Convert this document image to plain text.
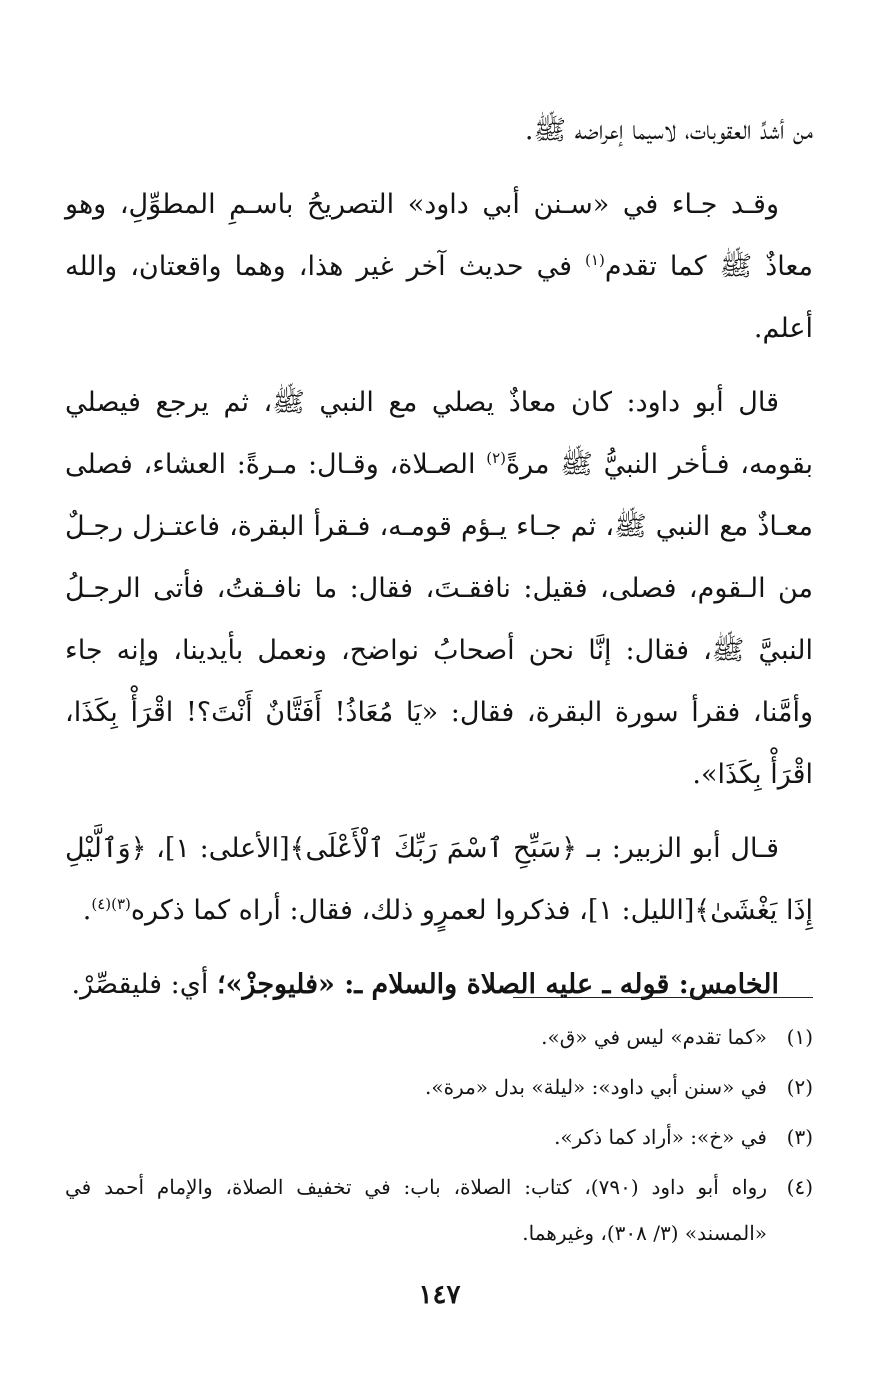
من أشدِّ العقوبات، لاسيما إعراضه ﷺ.

وقـد جـاء في «سـنن أبي داود» التصريحُ باسـمِ المطوِّلِ، وهو معاذٌ ﷺ كما تقدم$^{(١)}$ في حديث آخر غير هذا، وهما واقعتان، والله أعلم.

قال أبو داود: كان معاذٌ يصلي مع النبي ﷺ، ثم يرجع فيصلي بقومه، فـأخر النبيُّ ﷺ مرةً$^{(٢)}$ الصـلاة، وقـال: مـرةً: العشاء، فصلى معـاذٌ مع النبي ﷺ، ثم جـاء يـؤم قومـه، فـقرأ البقرة، فاعتـزل رجـلٌ من الـقوم، فصلى، فقيل: نافقـتَ، فقال: ما نافـقتُ، فأتى الرجـلُ النبيَّ ﷺ، فقال: إنَّا نحن أصحابُ نواضح، ونعمل بأيدينا، وإنه جاء وأمَّنا، فقرأ سورة البقرة، فقال: «يَا مُعَاذُ! أَفَتَّانٌ أَنْتَ؟! اقْرَأْ بِكَذَا، اقْرَأْ بِكَذَا».

قـال أبو الزبير: بـ ﴿سَبِّحِ ٱسْمَ رَبِّكَ ٱلْأَعْلَى﴾[الأعلى: ١]، ﴿وَٱلَّيْلِ إِذَا يَغْشَىٰ﴾[الليل: ١]، فذكروا لعمرٍو ذلك، فقال: أراه كما ذكره$^{(٣)(٤)}$.

الخامس: قوله ـ عليه الصلاة والسلام ـ: «فليوجزْ»؛ أي: فليقصِّرْ.

(١)
«كما تقدم» ليس في «ق».
(٢)
في «سنن أبي داود»: «ليلة» بدل «مرة».
(٣)
في «خ»: «أراد كما ذكر».
(٤)
رواه أبو داود (٧٩٠)، كتاب: الصلاة، باب: في تخفيف الصلاة، والإمام أحمد في «المسند» (٣/ ٣٠٨)، وغيرهما.
١٤٧
